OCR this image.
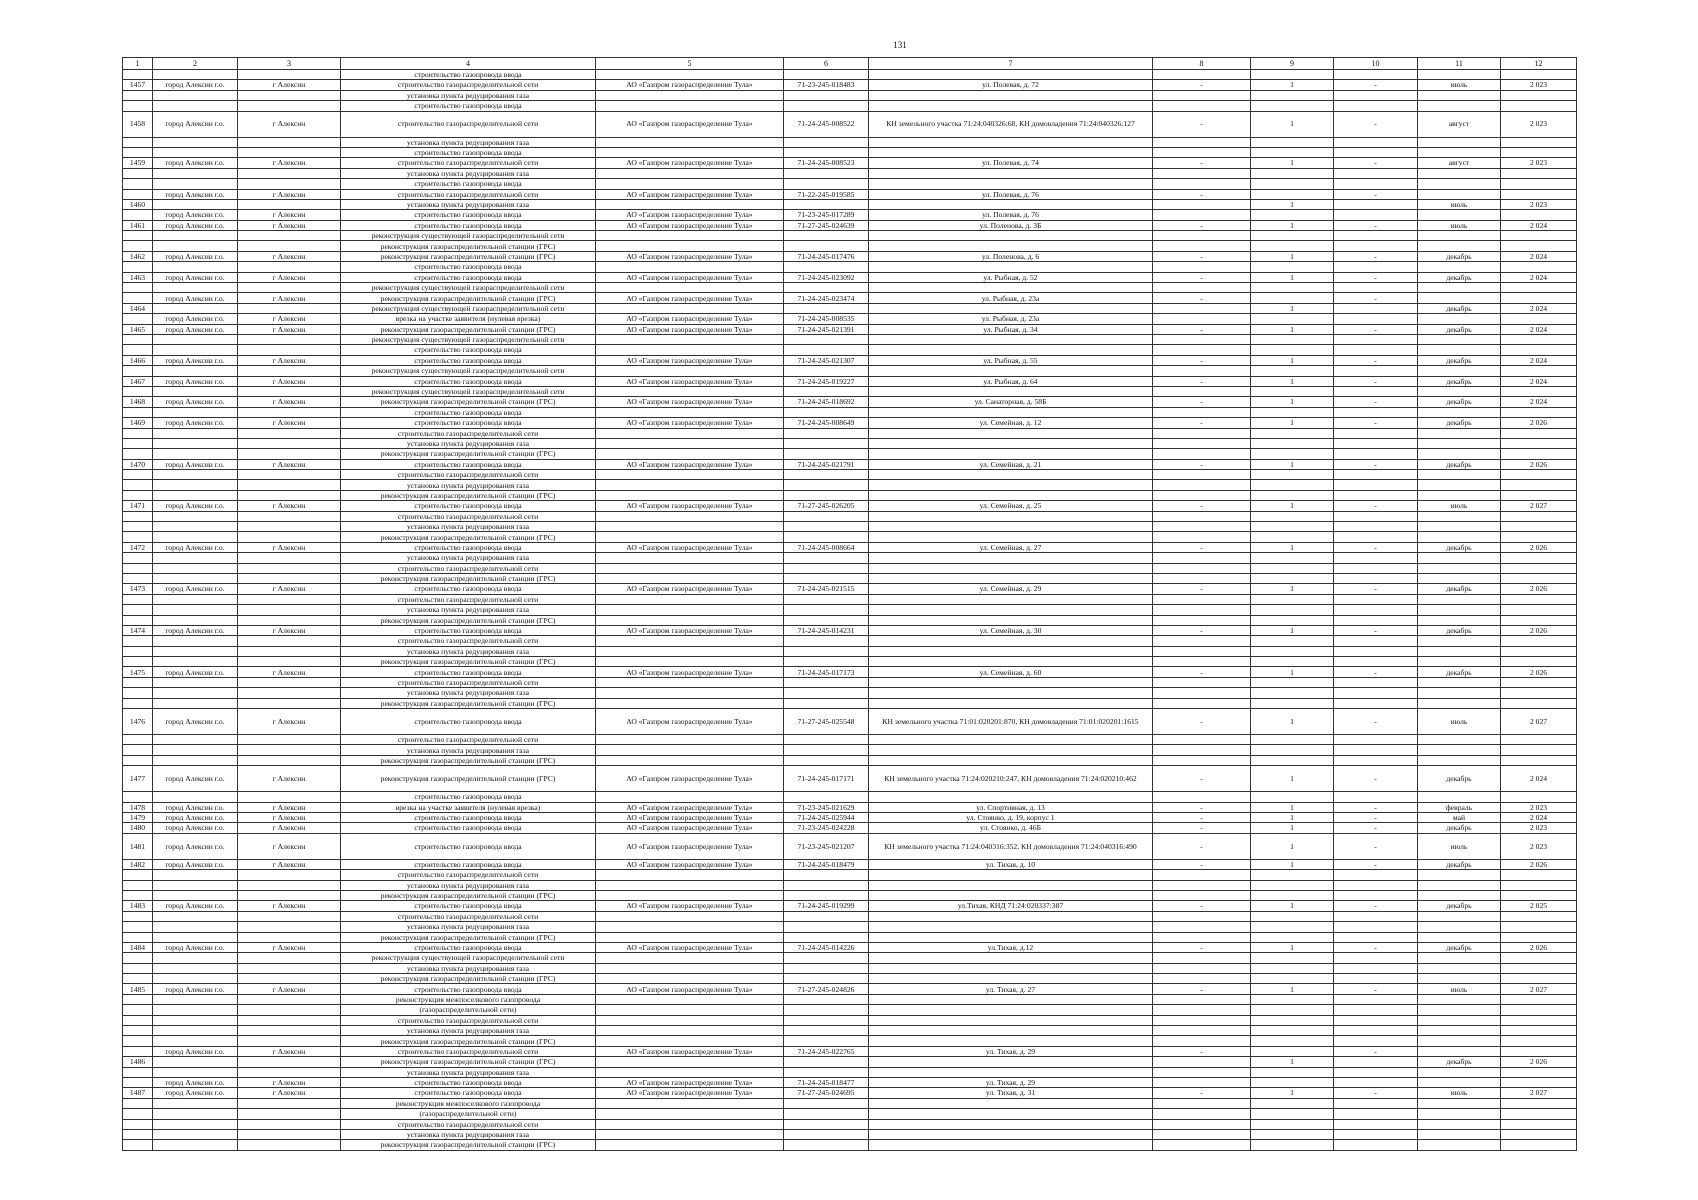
131
1	2	3	4	5	6	7	8	9	10	11	12
			строительство газопровода ввода								
1457	город Алексин г.о.	г Алексин	строительство газораспределительной сети	АО «Газпром газораспределение Тула»	71-23-245-018483	ул. Полевая, д. 72	-	1	-	июль	2 023
			установка пункта редуцирования газа								
			строительство газопровода ввода								
1458	город Алексин г.о.	г Алексин	строительство газораспределительной сети	АО «Газпром газораспределение Тула»	71-24-245-008522	КН земельного участка 71:24:040326:68, КН домовладения 71:24:040326:127	-	1	-	август	2 023
			установка пункта редуцирования газа								
			строительство газопровода ввода								
1459	город Алексин г.о.	г Алексин	строительство газораспределительной сети	АО «Газпром газораспределение Тула»	71-24-245-008523	ул. Полевая, д. 74	-	1	-	август	2 023
			установка пункта редуцирования газа								
			строительство газопровода ввода								
	город Алексин г.о.	г Алексин	строительство газораспределительной сети	АО «Газпром газораспределение Тула»	71-22-245-019585	ул. Полевая, д. 76	-		-		
1460			установка пункта редуцирования газа					1		июль	2 023
	город Алексин г.о.	г Алексин	строительство газопровода ввода	АО «Газпром газораспределение Тула»	71-23-245-017289	ул. Полевая, д. 76					
1461	город Алексин г.о.	г Алексин	строительство газопровода ввода	АО «Газпром газораспределение Тула»	71-27-245-024639	ул. Поленова, д. 3Б	-	1	-	июль	2 024
			реконструкция существующей газораспределительной сети								
			реконструкция газораспределительной станции (ГРС)								
1462	город Алексин г.о.	г Алексин	реконструкция газораспределительной станции (ГРС)	АО «Газпром газораспределение Тула»	71-24-245-017476	ул. Поленова, д. 6	-	1	-	декабрь	2 024
			строительство газопровода ввода								
1463	город Алексин г.о.	г Алексин	строительство газопровода ввода	АО «Газпром газораспределение Тула»	71-24-245-023092	ул. Рыбная, д. 52	-	1	-	декабрь	2 024
			реконструкция существующей газораспределительной сети								
	город Алексин г.о.	г Алексин	реконструкция газораспределительной станции (ГРС)	АО «Газпром газораспределение Тула»	71-24-245-023474	ул. Рыбная, д. 23а	-		-		
1464			реконструкция существующей газораспределительной сети					1		декабрь	2 024
	город Алексин г.о.	г Алексин	врезка на участке заявителя (нулевая врезка)	АО «Газпром газораспределение Тула»	71-24-245-008535	ул. Рыбная, д. 23а					
1465	город Алексин г.о.	г Алексин	реконструкция газораспределительной станции (ГРС)	АО «Газпром газораспределение Тула»	71-24-245-021391	ул. Рыбная, д. 34	-	1	-	декабрь	2 024
			реконструкция существующей газораспределительной сети								
			строительство газопровода ввода								
1466	город Алексин г.о.	г Алексин	строительство газопровода ввода	АО «Газпром газораспределение Тула»	71-24-245-021307	ул. Рыбная, д. 55	-	1	-	декабрь	2 024
			реконструкция существующей газораспределительной сети								
1467	город Алексин г.о.	г Алексин	строительство газопровода ввода	АО «Газпром газораспределение Тула»	71-24-245-019227	ул. Рыбная, д. 64	-	1	-	декабрь	2 024
			реконструкция существующей газораспределительной сети								
1468	город Алексин г.о.	г Алексин	реконструкция газораспределительной станции (ГРС)	АО «Газпром газораспределение Тула»	71-24-245-018692	ул. Санаторная, д. 58Б	-	1	-	декабрь	2 024
			строительство газопровода ввода								
1469	город Алексин г.о.	г Алексин	строительство газопровода ввода	АО «Газпром газораспределение Тула»	71-24-245-008649	ул. Семейная, д. 12	-	1	-	декабрь	2 026
			строительство газораспределительной сети								
			установка пункта редуцирования газа								
			реконструкция газораспределительной станции (ГРС)								
1470	город Алексин г.о.	г Алексин	строительство газопровода ввода	АО «Газпром газораспределение Тула»	71-24-245-021791	ул. Семейная, д. 21	-	1	-	декабрь	2 026
			строительство газораспределительной сети								
			установка пункта редуцирования газа								
			реконструкция газораспределительной станции (ГРС)								
1471	город Алексин г.о.	г Алексин	строительство газопровода ввода	АО «Газпром газораспределение Тула»	71-27-245-026205	ул. Семейная, д. 25	-	1	-	июль	2 027
			строительство газораспределительной сети								
			установка пункта редуцирования газа								
			реконструкция газораспределительной станции (ГРС)								
1472	город Алексин г.о.	г Алексин	строительство газопровода ввода	АО «Газпром газораспределение Тула»	71-24-245-008664	ул. Семейная, д. 27	-	1	-	декабрь	2 026
			установка пункта редуцирования газа								
			строительство газораспределительной сети								
			реконструкция газораспределительной станции (ГРС)								
1473	город Алексин г.о.	г Алексин	строительство газопровода ввода	АО «Газпром газораспределение Тула»	71-24-245-021515	ул. Семейная, д. 29	-	1	-	декабрь	2 026
			строительство газораспределительной сети								
			установка пункта редуцирования газа								
			реконструкция газораспределительной станции (ГРС)								
1474	город Алексин г.о.	г Алексин	строительство газопровода ввода	АО «Газпром газораспределение Тула»	71-24-245-014231	ул. Семейная, д. 30	-	1	-	декабрь	2 026
			строительство газораспределительной сети								
			установка пункта редуцирования газа								
			реконструкция газораспределительной станции (ГРС)								
1475	город Алексин г.о.	г Алексин	строительство газопровода ввода	АО «Газпром газораспределение Тула»	71-24-245-017173	ул. Семейная, д. 60	-	1	-	декабрь	2 026
			строительство газораспределительной сети								
			установка пункта редуцирования газа								
			реконструкция газораспределительной станции (ГРС)								
1476	город Алексин г.о.	г Алексин	строительство газопровода ввода	АО «Газпром газораспределение Тула»	71-27-245-025548	КН земельного участка 71:01:020201:870, КН домовладения 71:01:020201:1615	-	1	-	июль	2 027
			строительство газораспределительной сети								
			установка пункта редуцирования газа								
			реконструкция газораспределительной станции (ГРС)								
1477	город Алексин г.о.	г Алексин	реконструкция газораспределительной станции (ГРС)	АО «Газпром газораспределение Тула»	71-24-245-017171	КН земельного участка 71:24:020210:247, КН домовладения 71:24:020210:462	-	1	-	декабрь	2 024
			строительство газопровода ввода								
1478	город Алексин г.о.	г Алексин	врезка на участке заявителя (нулевая врезка)	АО «Газпром газораспределение Тула»	71-23-245-021629	ул. Спортивная, д. 13	-	1	-	февраль	2 023
1479	город Алексин г.о.	г Алексин	строительство газопровода ввода	АО «Газпром газораспределение Тула»	71-24-245-025944	ул. Стоянко, д. 19, корпус 1	-	1	-	май	2 024
1480	город Алексин г.о.	г Алексин	строительство газопровода ввода	АО «Газпром газораспределение Тула»	71-23-245-024228	ул. Стоянко, д. 46Б	-	1	-	декабрь	2 023
1481	город Алексин г.о.	г Алексин	строительство газопровода ввода	АО «Газпром газораспределение Тула»	71-23-245-021207	КН земельного участка 71:24:040316:352, КН домовладения 71:24:040316:490	-	1	-	июль	2 023
1482	город Алексин г.о.	г Алексин	строительство газопровода ввода	АО «Газпром газораспределение Тула»	71-24-245-018479	ул. Тихая, д. 10	-	1	-	декабрь	2 026
			строительство газораспределительной сети								
			установка пункта редуцирования газа								
			реконструкция газораспределительной станции (ГРС)								
1483	город Алексин г.о.	г Алексин	строительство газопровода ввода	АО «Газпром газораспределение Тула»	71-24-245-019299	ул.Тихая, КНД 71:24:020337:387	-	1	-	декабрь	2 025
			строительство газораспределительной сети								
			установка пункта редуцирования газа								
			реконструкция газораспределительной станции (ГРС)								
1484	город Алексин г.о.	г Алексин	строительство газопровода ввода	АО «Газпром газораспределение Тула»	71-24-245-014226	ул.Тихая, д.12	-	1	-	декабрь	2 026
			реконструкция существующей газораспределительной сети								
			установка пункта редуцирования газа								
			реконструкция газораспределительной станции (ГРС)								
1485	город Алексин г.о.	г Алексин	строительство газопровода ввода	АО «Газпром газораспределение Тула»	71-27-245-024826	ул. Тихая, д. 27	-	1	-	июль	2 027
			реконструкция межпоселкового газопровода								
			(газораспределительной сети)								
			строительство газораспределительной сети								
			установка пункта редуцирования газа								
			реконструкция газораспределительной станции (ГРС)								
	город Алексин г.о.	г Алексин	строительство газораспределительной сети	АО «Газпром газораспределение Тула»	71-24-245-022765	ул. Тихая, д. 29	-		-		
1486			реконструкция газораспределительной станции (ГРС)					1		декабрь	2 026
			установка пункта редуцирования газа								
	город Алексин г.о.	г Алексин	строительство газопровода ввода	АО «Газпром газораспределение Тула»	71-24-245-018477	ул. Тихая, д. 29					
1487	город Алексин г.о.	г Алексин	строительство газопровода ввода	АО «Газпром газораспределение Тула»	71-27-245-024695	ул. Тихая, д. 31	-	1	-	июль	2 027
			реконструкция межпоселкового газопровода								
			(газораспределительной сети)								
			строительство газораспределительной сети								
			установка пункта редуцирования газа								
			реконструкция газораспределительной станции (ГРС)								
